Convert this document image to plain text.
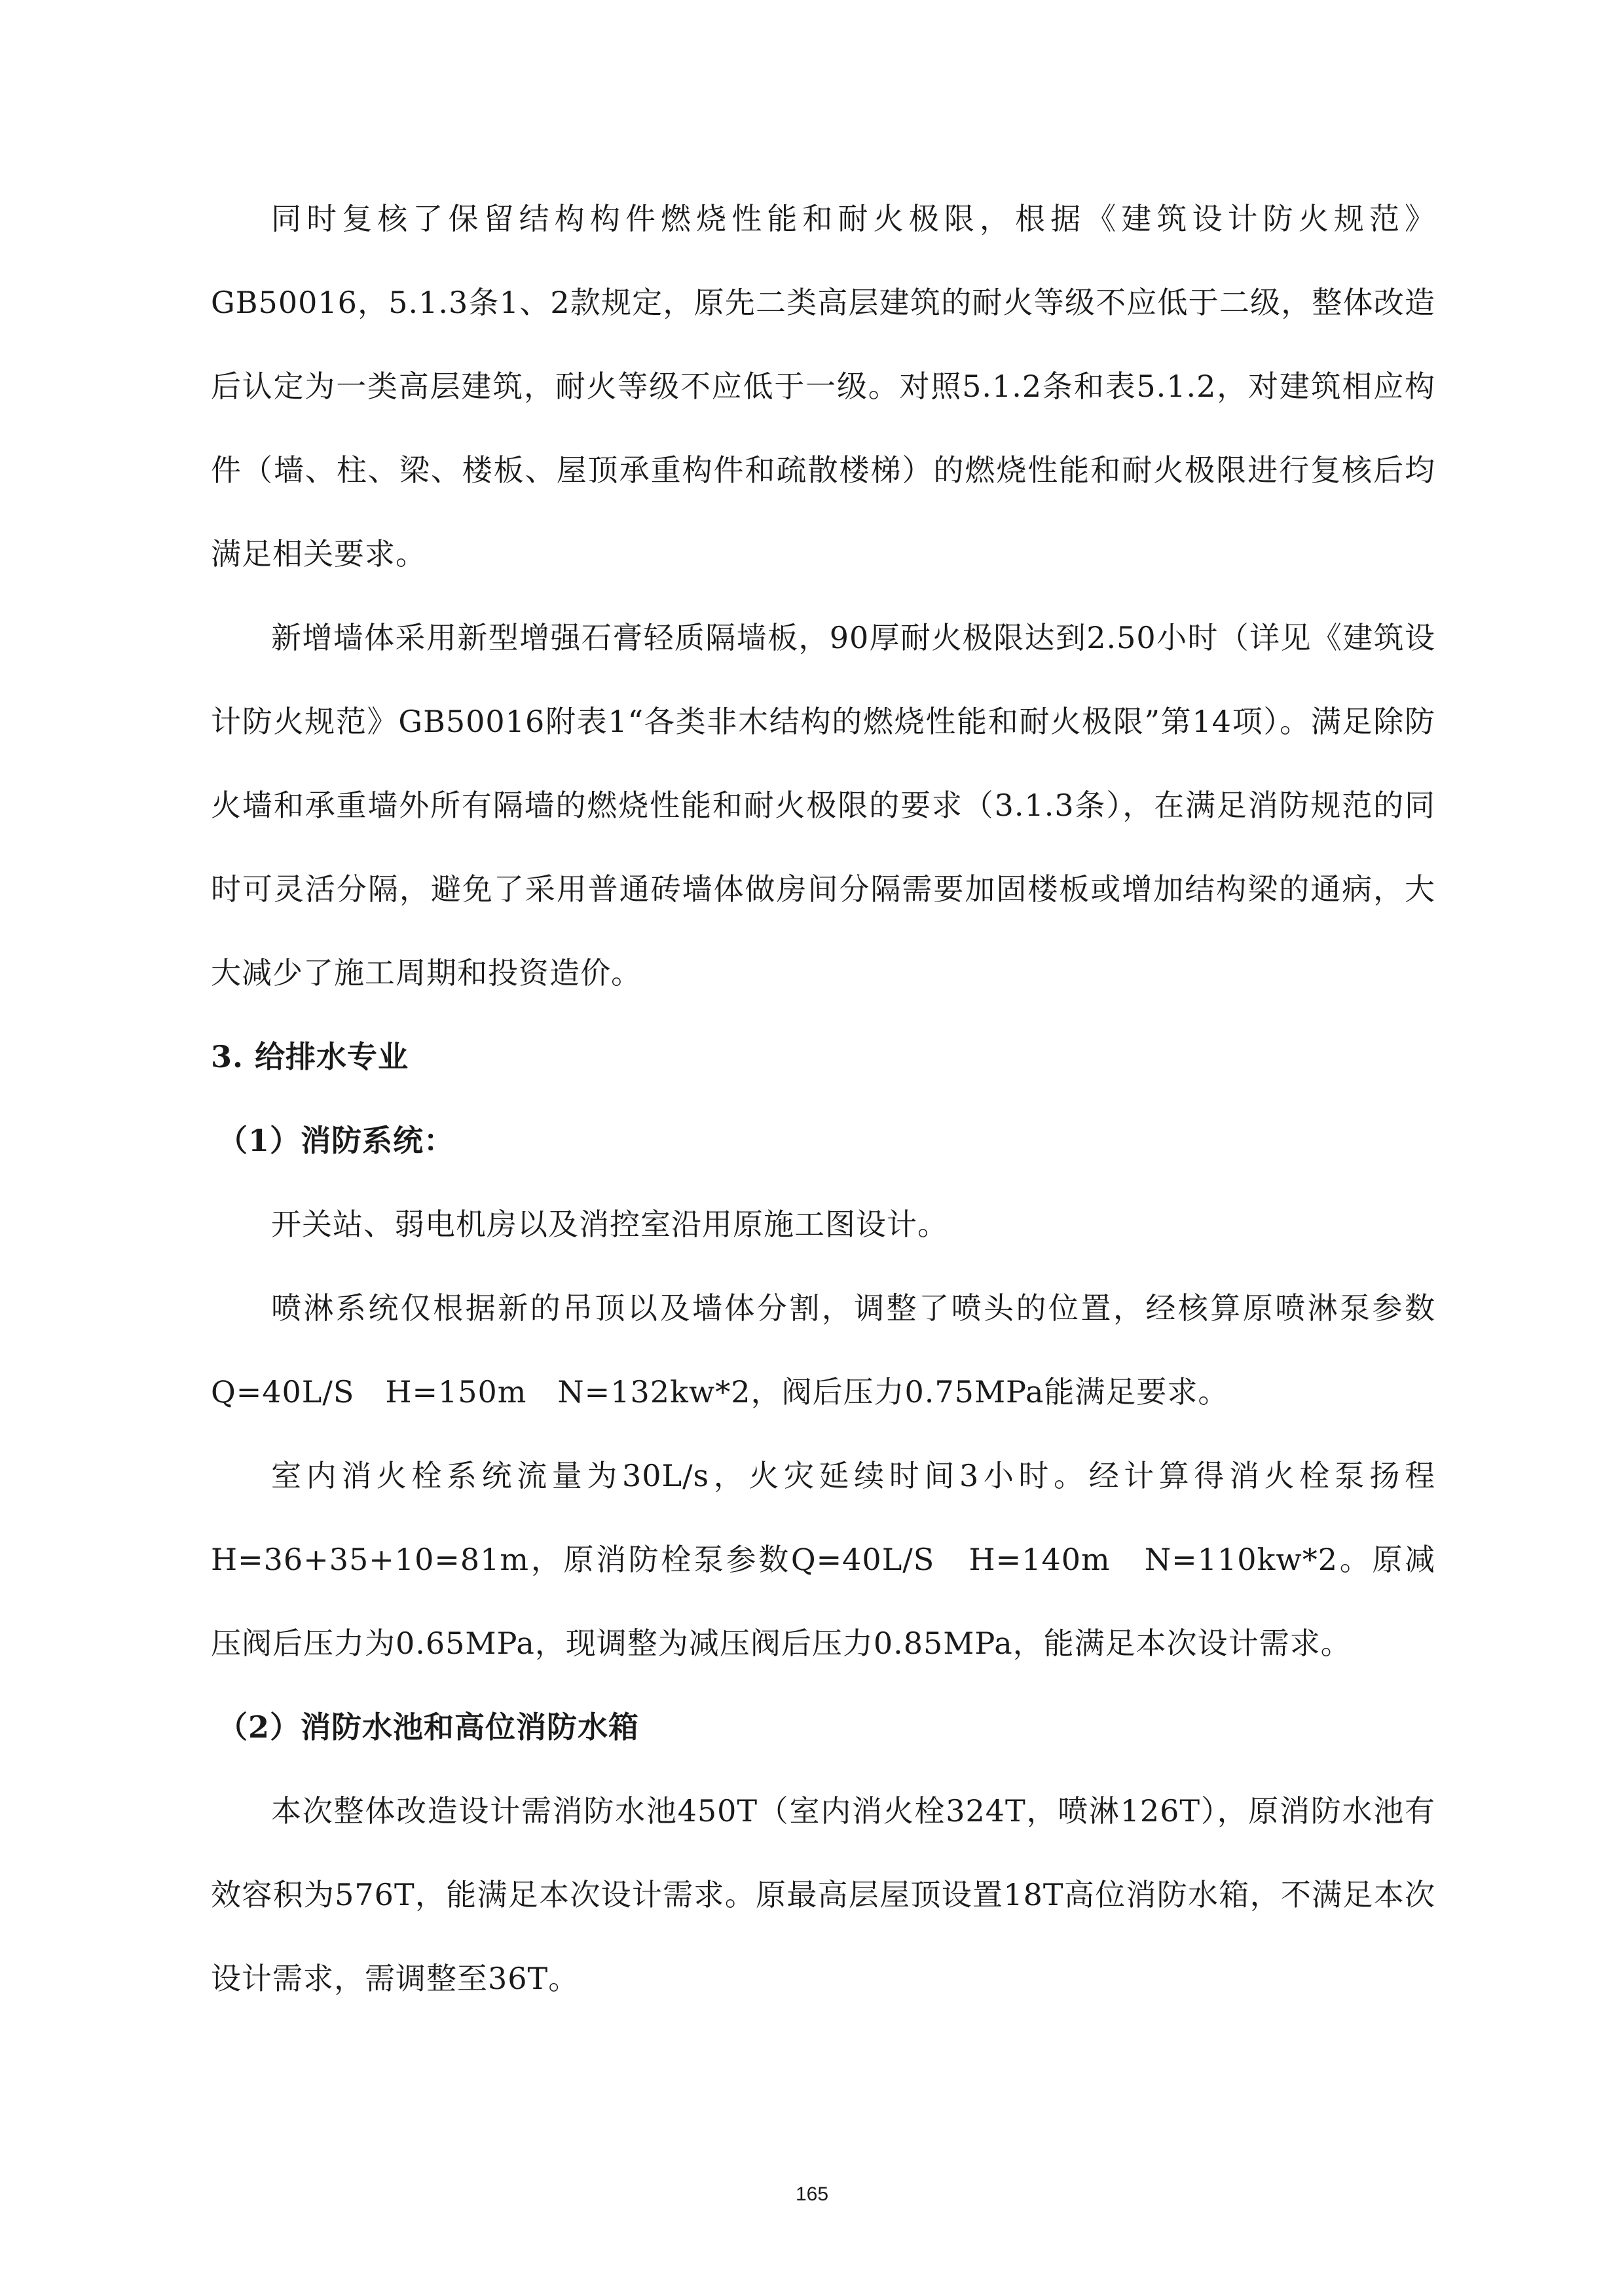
同时复核了保留结构构件燃烧性能和耐火极限，根据《建筑设计防火规范》GB50016，5.1.3条1、2款规定，原先二类高层建筑的耐火等级不应低于二级，整体改造后认定为一类高层建筑，耐火等级不应低于一级。对照5.1.2条和表5.1.2，对建筑相应构件（墙、柱、梁、楼板、屋顶承重构件和疏散楼梯）的燃烧性能和耐火极限进行复核后均满足相关要求。

新增墙体采用新型增强石膏轻质隔墙板，90厚耐火极限达到2.50小时（详见《建筑设计防火规范》GB50016附表1“各类非木结构的燃烧性能和耐火极限”第14项）。满足除防火墙和承重墙外所有隔墙的燃烧性能和耐火极限的要求（3.1.3条），在满足消防规范的同时可灵活分隔，避免了采用普通砖墙体做房间分隔需要加固楼板或增加结构梁的通病，大大减少了施工周期和投资造价。

3. 给排水专业

（1）消防系统：

开关站、弱电机房以及消控室沿用原施工图设计。

喷淋系统仅根据新的吊顶以及墙体分割，调整了喷头的位置，经核算原喷淋泵参数Q=40L/S　H=150m　N=132kw*2，阀后压力0.75MPa能满足要求。

室内消火栓系统流量为30L/s，火灾延续时间3小时。经计算得消火栓泵扬程H=36+35+10=81m，原消防栓泵参数Q=40L/S　H=140m　N=110kw*2。原减压阀后压力为0.65MPa，现调整为减压阀后压力0.85MPa，能满足本次设计需求。

（2）消防水池和高位消防水箱

本次整体改造设计需消防水池450T（室内消火栓324T，喷淋126T），原消防水池有效容积为576T，能满足本次设计需求。原最高层屋顶设置18T高位消防水箱，不满足本次设计需求，需调整至36T。

165
